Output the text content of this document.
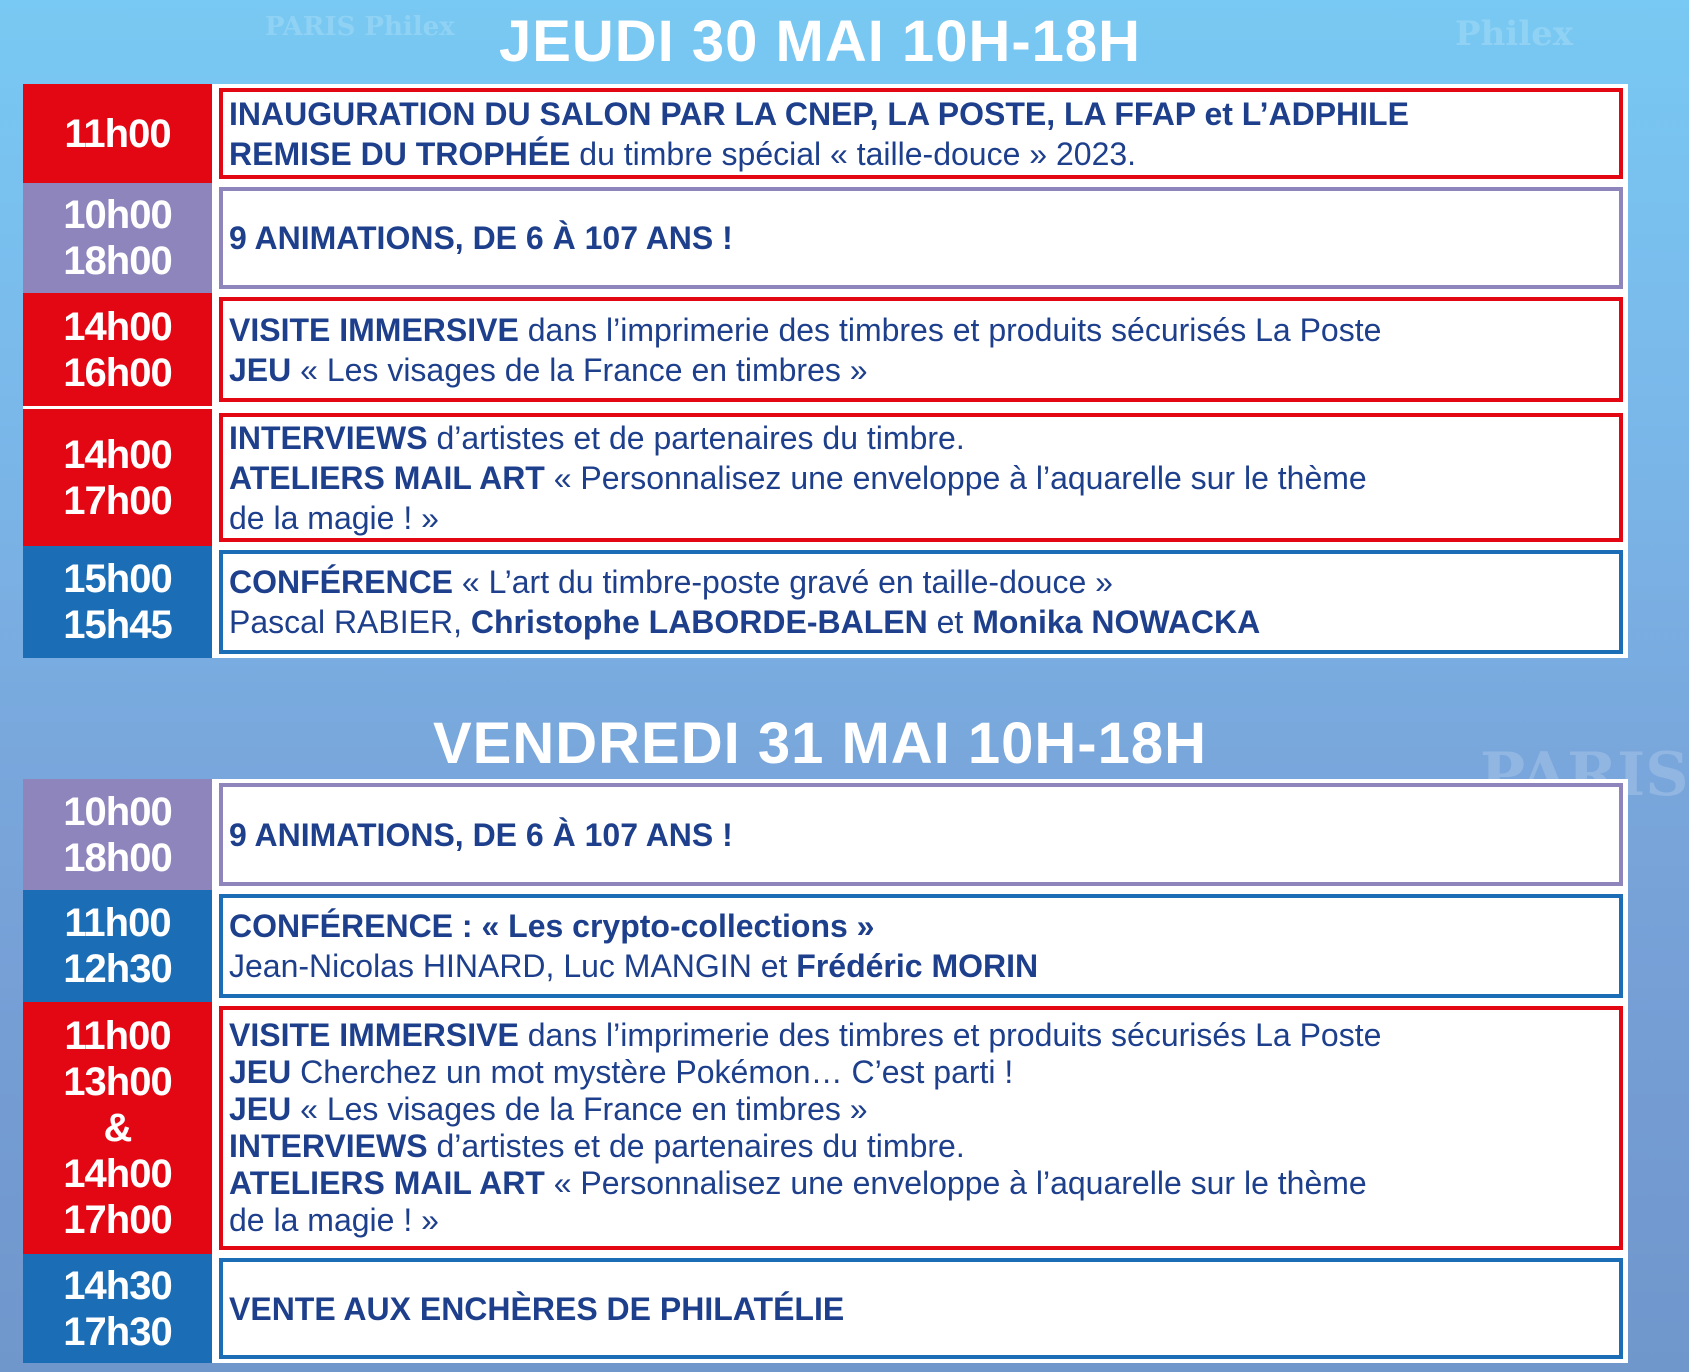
PARIS Philex	Philex
PARIS
JEUDI 30 MAI 10H-18H
11h00 INAUGURATION DU SALON PAR LA CNEP, LA POSTE, LA FFAP et L’ADPHILE
REMISE DU TROPHÉE du timbre spécial « taille-douce » 2023.
10h00
18h00
9 ANIMATIONS, DE 6 À 107 ANS !
14h00
16h00
VISITE IMMERSIVE dans l’imprimerie des timbres et produits sécurisés La Poste
JEU « Les visages de la France en timbres »
14h00
17h00
INTERVIEWS d’artistes et de partenaires du timbre.
ATELIERS MAIL ART « Personnalisez une enveloppe à l’aquarelle sur le thème
de la magie ! »
15h00
15h45
CONFÉRENCE « L’art du timbre-poste gravé en taille-douce »
Pascal RABIER, Christophe LABORDE-BALEN et Monika NOWACKA
VENDREDI 31 MAI 10H-18H
10h00
18h00
9 ANIMATIONS, DE 6 À 107 ANS !
11h00
12h30
CONFÉRENCE : « Les crypto-collections »
Jean-Nicolas HINARD, Luc MANGIN et Frédéric MORIN
11h00
13h00
&
14h00
17h00
VISITE IMMERSIVE dans l’imprimerie des timbres et produits sécurisés La Poste
JEU Cherchez un mot mystère Pokémon… C’est parti !
JEU « Les visages de la France en timbres »
INTERVIEWS d’artistes et de partenaires du timbre.
ATELIERS MAIL ART « Personnalisez une enveloppe à l’aquarelle sur le thème
de la magie ! »
14h30
17h30
VENTE AUX ENCHÈRES DE PHILATÉLIE
